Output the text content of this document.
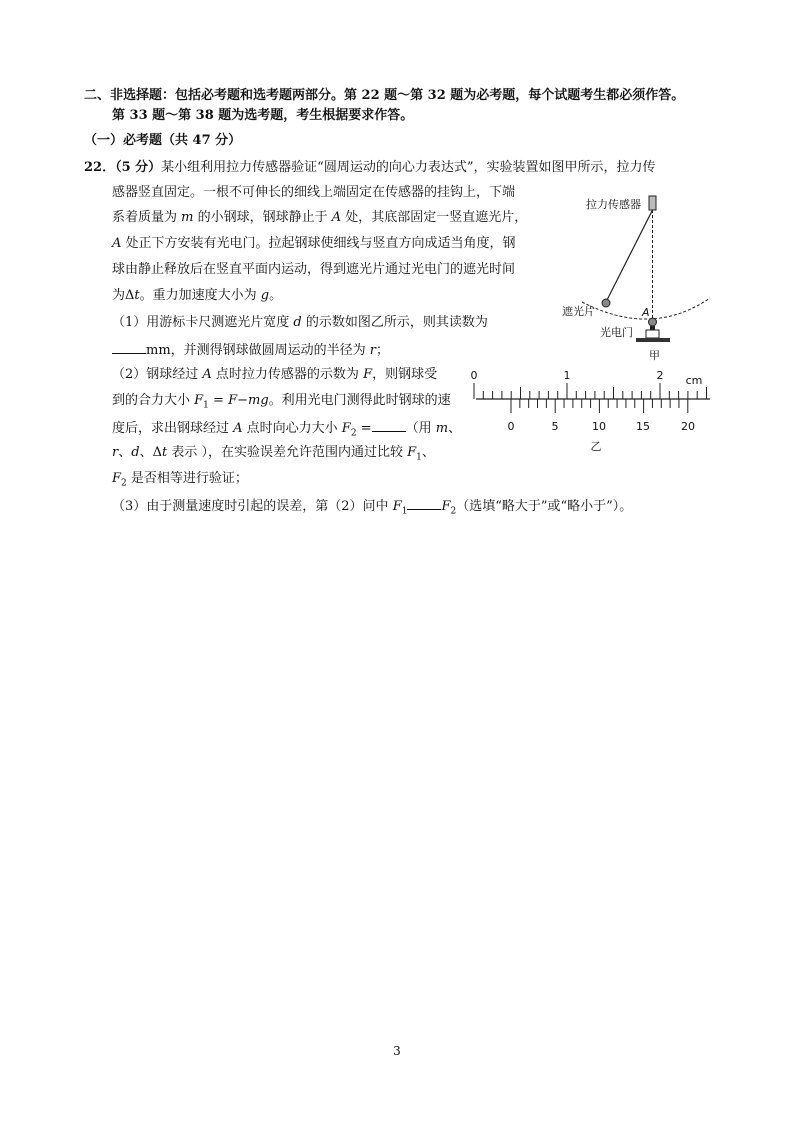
二、非选择题：包括必考题和选考题两部分。第 22 题～第 32 题为必考题，每个试题考生都必须作答。
第 33 题～第 38 题为选考题，考生根据要求作答。
（一）必考题（共 47 分）
22．（5 分）某小组利用拉力传感器验证“圆周运动的向心力表达式”，实验装置如图甲所示，拉力传
感器竖直固定。一根不可伸长的细线上端固定在传感器的挂钩上，下端
系着质量为 m 的小钢球，钢球静止于 A 处，其底部固定一竖直遮光片，
A 处正下方安装有光电门。拉起钢球使细线与竖直方向成适当角度，钢
球由静止释放后在竖直平面内运动，得到遮光片通过光电门的遮光时间
为Δt。重力加速度大小为 g。
（1）用游标卡尺测遮光片宽度 d 的示数如图乙所示，则其读数为
mm，并测得钢球做圆周运动的半径为 r；
（2）钢球经过 A 点时拉力传感器的示数为 F，则钢球受
到的合力大小 $F_1 = F-mg$。利用光电门测得此时钢球的速
度后，求出钢球经过 A 点时向心力大小 $F_2$ =	（用 m、
r、d、Δt 表示 ），在实验误差允许范围内通过比较 $F_1$、
$F_2$ 是否相等进行验证；
（3）由于测量速度时引起的误差，第（2）问中 $F_1$	$F_2$（选填“略大于”或“略小于”）。
拉力传感器
遮光片	A
光电门
甲
0	1	2 cm
0	5	10	15	20
乙
3
